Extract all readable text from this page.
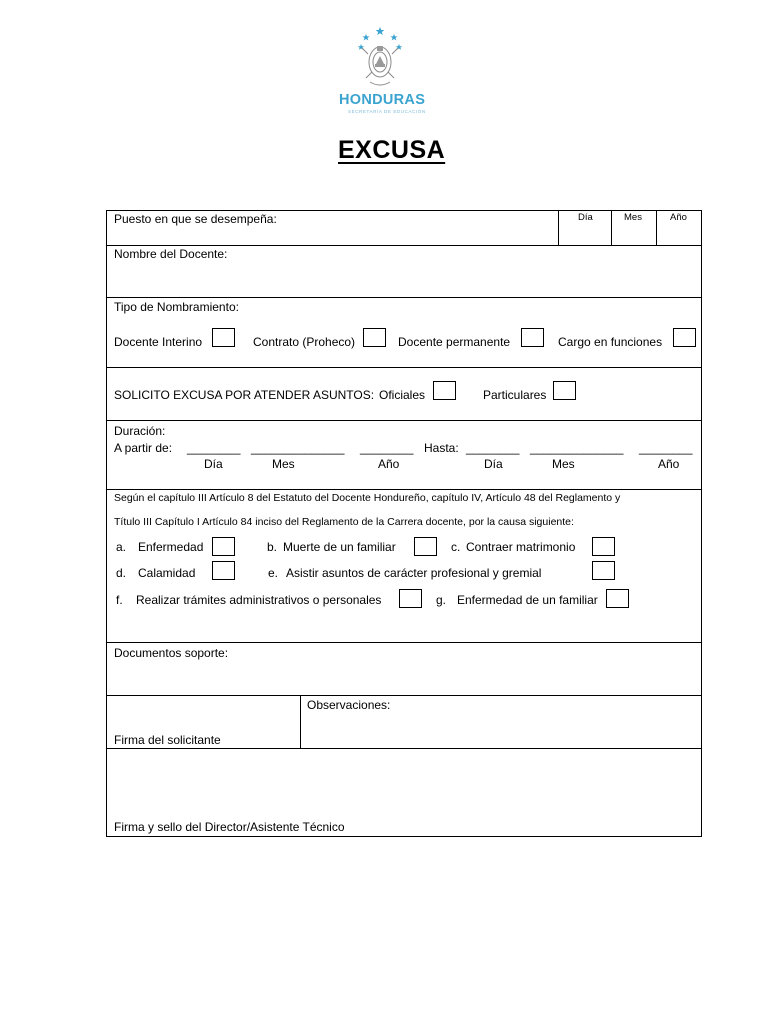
HONDURAS
SECRETARÍA DE EDUCACIÓN
EXCUSA
Puesto en que se desempeña:	Día	Mes	Año
Nombre del Docente:
Tipo de Nombramiento:
Docente Interino	Contrato (Proheco)	Docente permanente	Cargo en funciones
SOLICITO EXCUSA POR ATENDER ASUNTOS: Oficiales	Particulares
Duración:
A partir de: ________ ______________ ________ Hasta: ________ ______________ ________
Día	Mes	Año	Día	Mes	Año
Según el capítulo III Artículo 8 del Estatuto del Docente Hondureño, capítulo IV, Artículo 48 del Reglamento y
Título III Capítulo I Artículo 84 inciso del Reglamento de la Carrera docente, por la causa siguiente:
a. Enfermedad	b. Muerte de un familiar	c. Contraer matrimonio
d. Calamidad	e. Asistir asuntos de carácter profesional y gremial
f. Realizar trámites administrativos o personales	g. Enfermedad de un familiar
Documentos soporte:
Firma del solicitante
Observaciones:
Firma y sello del Director/Asistente Técnico
